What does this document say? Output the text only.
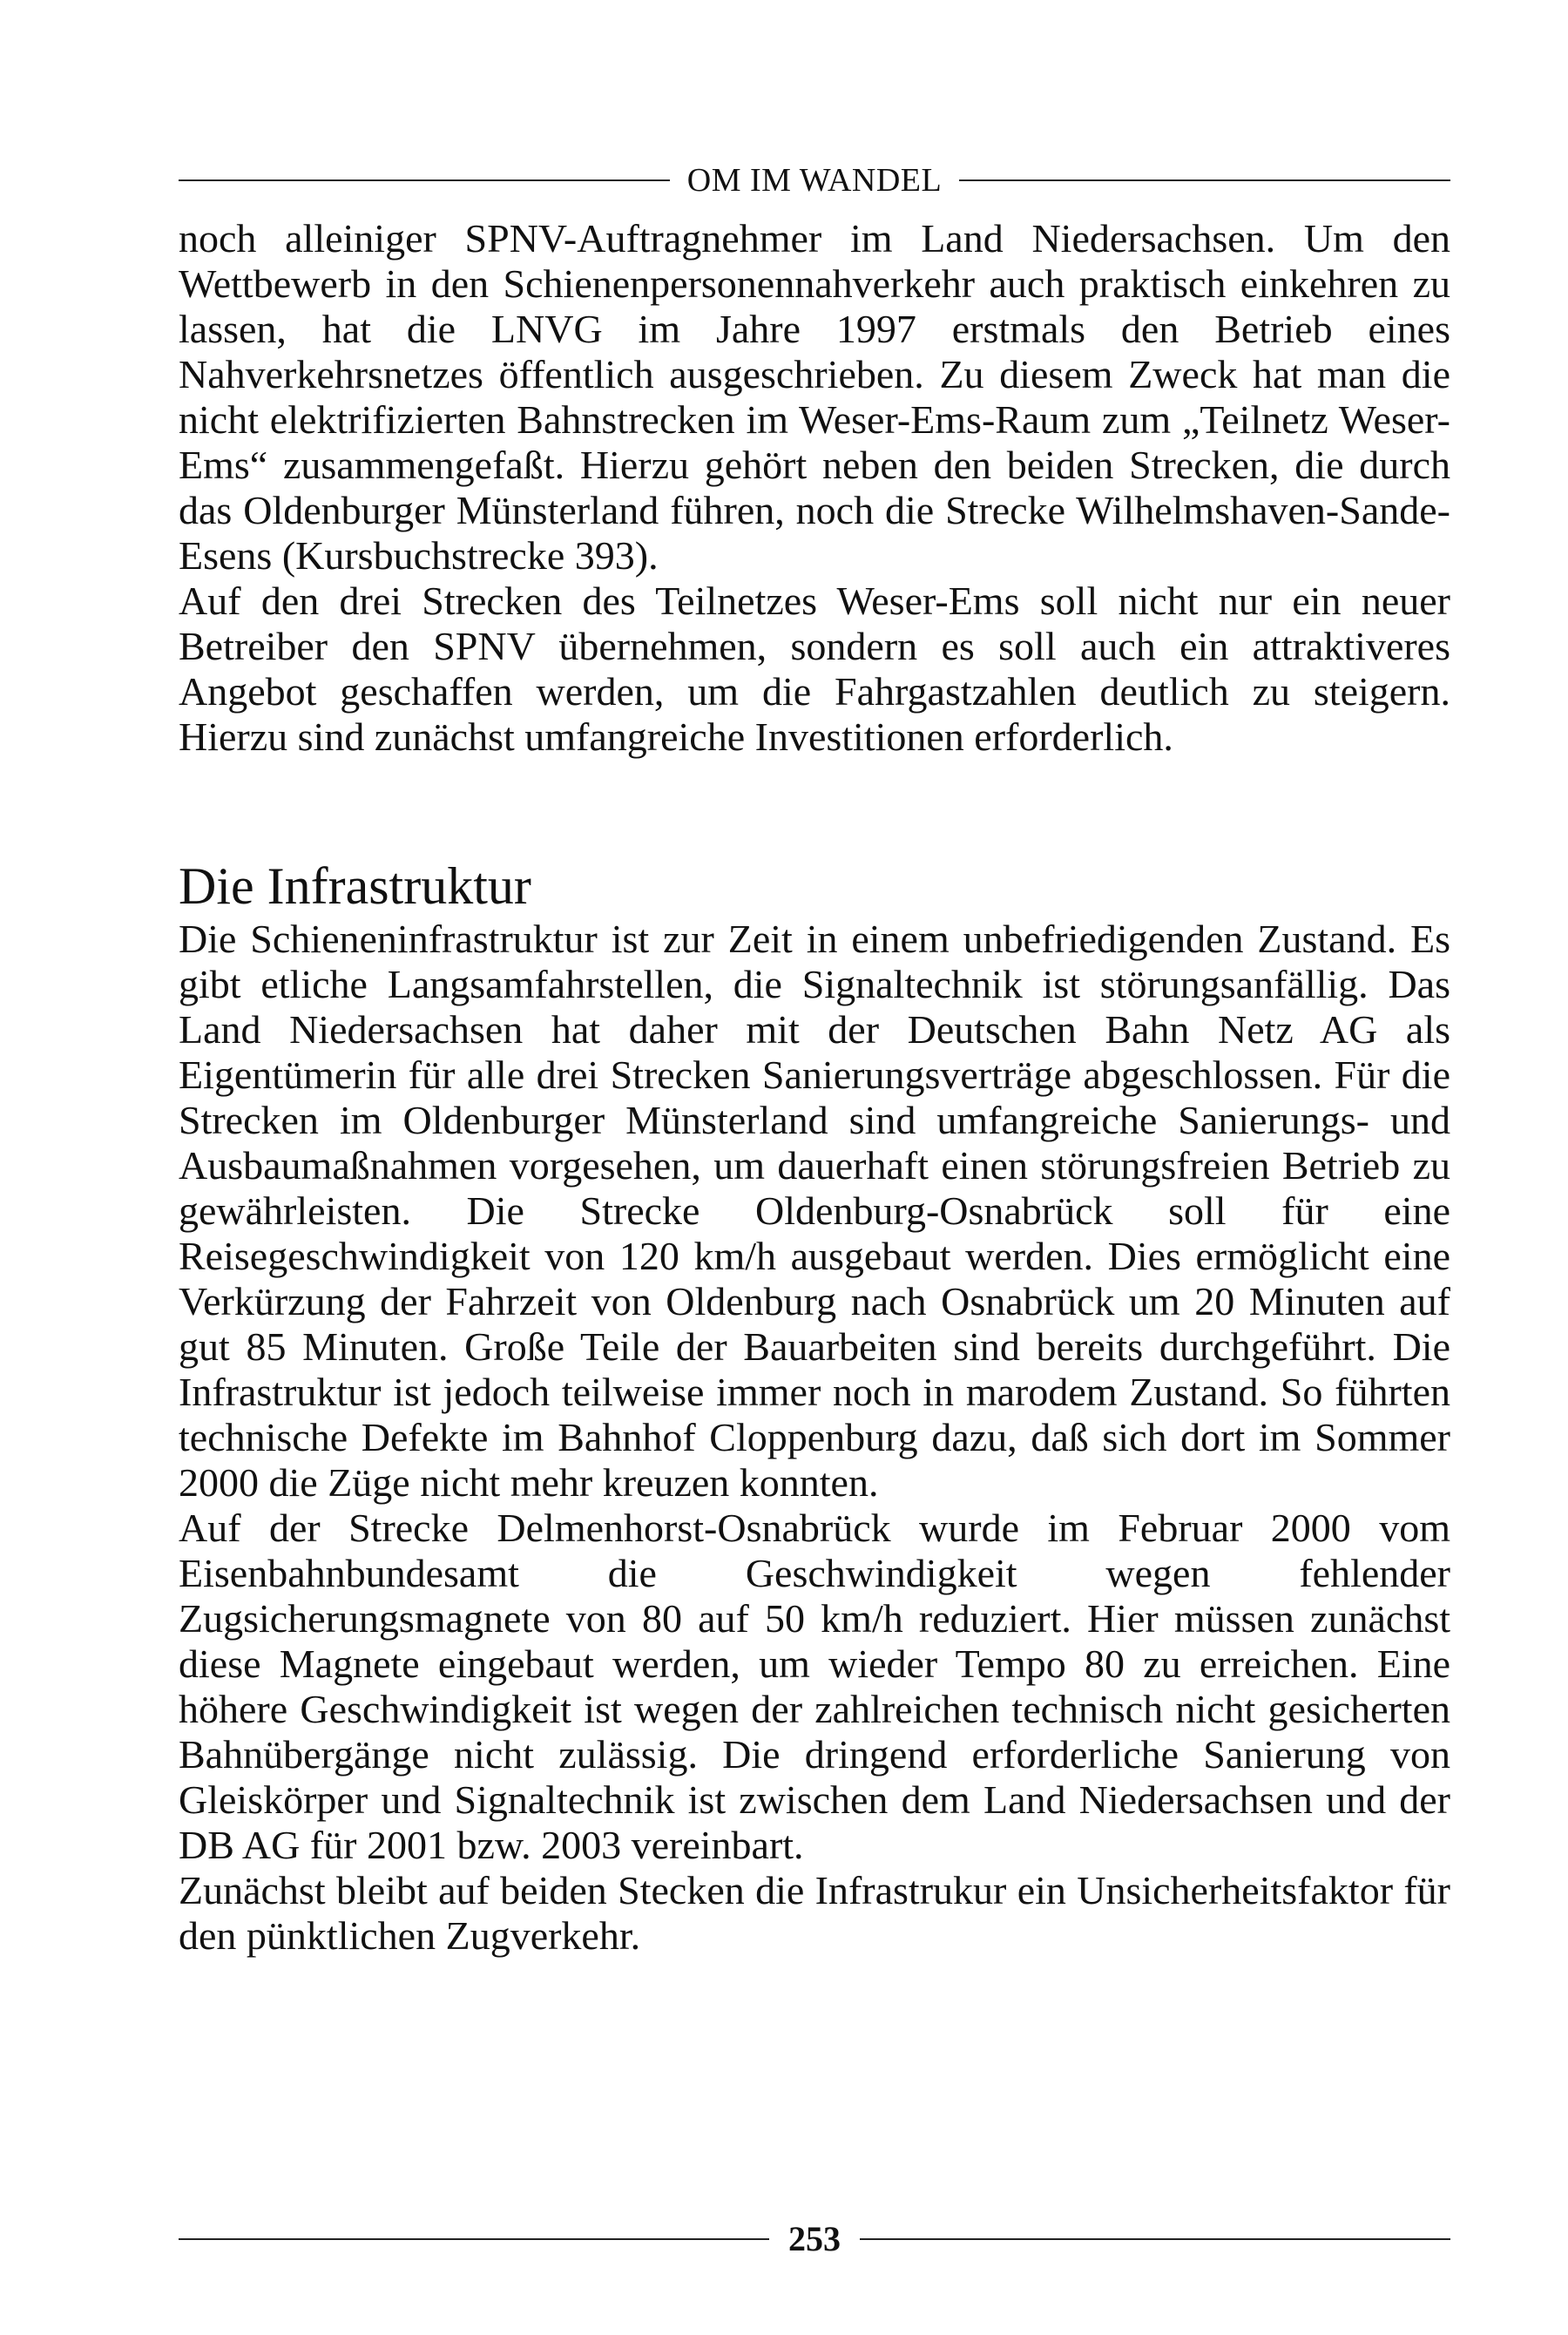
OM IM WANDEL

noch alleiniger SPNV-Auftragnehmer im Land Niedersachsen. Um den Wettbewerb in den Schienenpersonennahverkehr auch praktisch einkehren zu lassen, hat die LNVG im Jahre 1997 erstmals den Betrieb eines Nahverkehrsnetzes öffentlich ausgeschrieben. Zu diesem Zweck hat man die nicht elektrifizierten Bahnstrecken im Weser-Ems-Raum zum „Teilnetz Weser-Ems“ zusammengefaßt. Hierzu gehört neben den beiden Strecken, die durch das Oldenburger Münsterland führen, noch die Strecke Wilhelmshaven-Sande-Esens (Kursbuchstrecke 393).

Auf den drei Strecken des Teilnetzes Weser-Ems soll nicht nur ein neuer Betreiber den SPNV übernehmen, sondern es soll auch ein attraktiveres Angebot geschaffen werden, um die Fahrgastzahlen deutlich zu steigern. Hierzu sind zunächst umfangreiche Investitionen erforderlich.

Die Infrastruktur

Die Schieneninfrastruktur ist zur Zeit in einem unbefriedigenden Zustand. Es gibt etliche Langsamfahrstellen, die Signaltechnik ist störungsanfällig. Das Land Niedersachsen hat daher mit der Deutschen Bahn Netz AG als Eigentümerin für alle drei Strecken Sanierungsverträge abgeschlossen. Für die Strecken im Oldenburger Münsterland sind umfangreiche Sanierungs- und Ausbaumaßnahmen vorgesehen, um dauerhaft einen störungsfreien Betrieb zu gewährleisten. Die Strecke Oldenburg-Osnabrück soll für eine Reisegeschwindigkeit von 120 km/h ausgebaut werden. Dies ermöglicht eine Verkürzung der Fahrzeit von Oldenburg nach Osnabrück um 20 Minuten auf gut 85 Minuten. Große Teile der Bauarbeiten sind bereits durchgeführt. Die Infrastruktur ist jedoch teilweise immer noch in marodem Zustand. So führten technische Defekte im Bahnhof Cloppenburg dazu, daß sich dort im Sommer 2000 die Züge nicht mehr kreuzen konnten.

Auf der Strecke Delmenhorst-Osnabrück wurde im Februar 2000 vom Eisenbahnbundesamt die Geschwindigkeit wegen fehlender Zugsicherungsmagnete von 80 auf 50 km/h reduziert. Hier müssen zunächst diese Magnete eingebaut werden, um wieder Tempo 80 zu erreichen. Eine höhere Geschwindigkeit ist wegen der zahlreichen technisch nicht gesicherten Bahnübergänge nicht zulässig. Die dringend erforderliche Sanierung von Gleiskörper und Signaltechnik ist zwischen dem Land Niedersachsen und der DB AG für 2001 bzw. 2003 vereinbart.

Zunächst bleibt auf beiden Stecken die Infrastrukur ein Unsicherheitsfaktor für den pünktlichen Zugverkehr.

253
